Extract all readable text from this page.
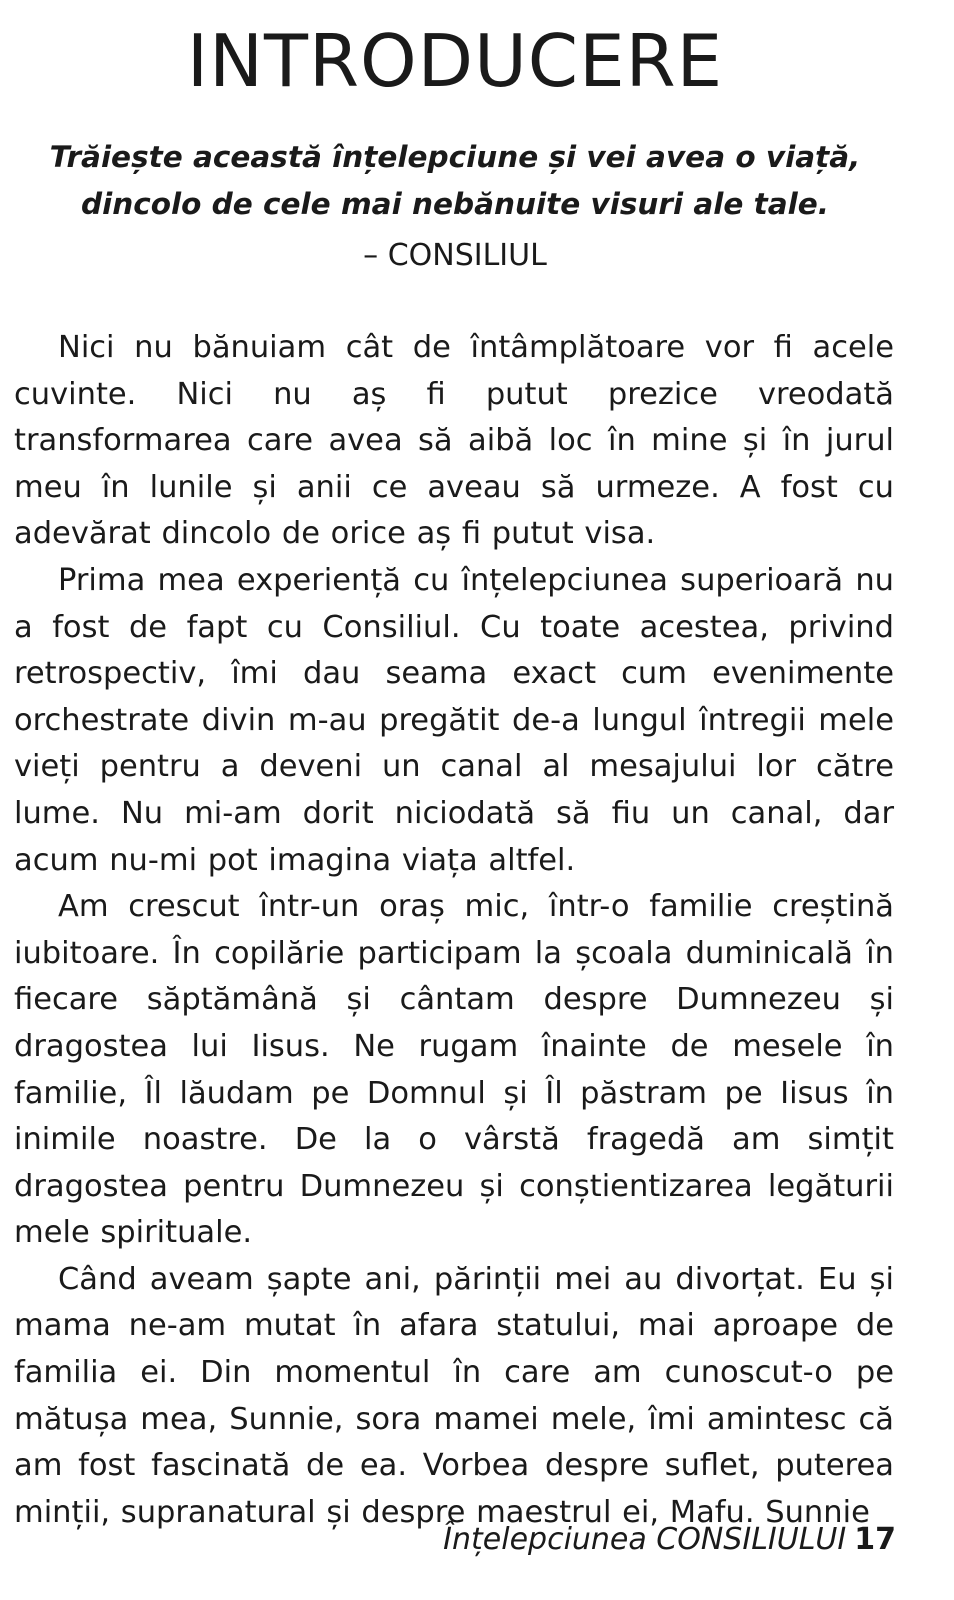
INTRODUCERE

Trăiește această înțelepciune și vei avea o viață, dincolo de cele mai nebănuite visuri ale tale.

– CONSILIUL

Nici nu bănuiam cât de întâmplătoare vor fi acele cuvinte. Nici nu aș fi putut prezice vreodată transformarea care avea să aibă loc în mine și în jurul meu în lunile și anii ce aveau să urmeze. A fost cu adevărat dincolo de orice aș fi putut visa.

Prima mea experiență cu înțelepciunea superioară nu a fost de fapt cu Consiliul. Cu toate acestea, privind retrospectiv, îmi dau seama exact cum evenimente orchestrate divin m-au pregătit de-a lungul întregii mele vieți pentru a deveni un canal al mesajului lor către lume. Nu mi-am dorit niciodată să fiu un canal, dar acum nu-mi pot imagina viața altfel.

Am crescut într-un oraș mic, într-o familie creștină iubitoare. În copilărie participam la școala duminicală în fiecare săptămână și cântam despre Dumnezeu și dragostea lui Iisus. Ne rugam înainte de mesele în familie, Îl lăudam pe Domnul și Îl păstram pe Iisus în inimile noastre. De la o vârstă fragedă am simțit dragostea pentru Dumnezeu și conștientizarea legăturii mele spirituale.

Când aveam șapte ani, părinții mei au divorțat. Eu și mama ne-am mutat în afara statului, mai aproape de familia ei. Din momentul în care am cunoscut-o pe mătușa mea, Sunnie, sora mamei mele, îmi amintesc că am fost fascinată de ea. Vorbea despre suflet, puterea minții, supranatural și despre maestrul ei, Mafu. Sunnie

Înțelepciunea CONSILIULUI 17
